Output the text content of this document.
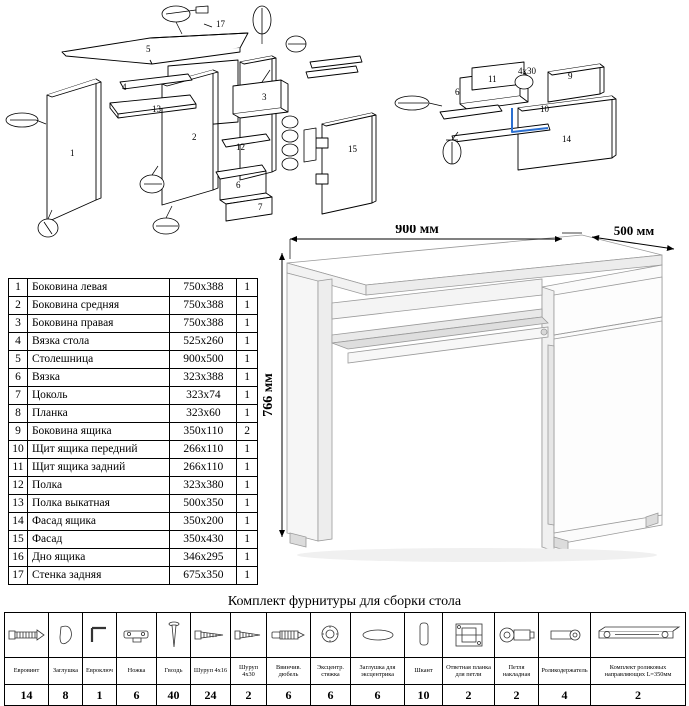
17
5
4
13
1
2
3
12
6
7
15
11	9
6
10
14
4х30
1	Боковина левая	750х388	1
2	Боковина средняя	750х388	1
3	Боковина правая	750х388	1
4	Вязка стола	525х260	1
5	Столешница	900х500	1
6	Вязка	323х388	1
7	Цоколь	323х74	1
8	Планка	323х60	1
9	Боковина ящика	350х110	2
10	Щит ящика передний	266х110	1
11	Щит ящика задний	266х110	1
12	Полка	323х380	1
13	Полка выкатная	500х350	1
14	Фасад ящика	350х200	1
15	Фасад	350х430	1
16	Дно ящика	346х295	1
17	Стенка задняя	675х350	1
900 мм	500 мм
766 мм
Комплект фурнитуры для сборки стола

Евровинт	Заглушка	Евроключ	Ножка	Гвоздь	Шуруп 4х16	Шуруп 4х30	Ввинчив. дюбель	Эксцентр. стяжка	Заглушка для эксцентрика	Шкант	Ответная планка для петли	Петля накладная	Роликодержатель	Комплект роликовых направляющих L=350мм
14	8	1	6	40	24	2	6	6	6	10	2	2	4	2
